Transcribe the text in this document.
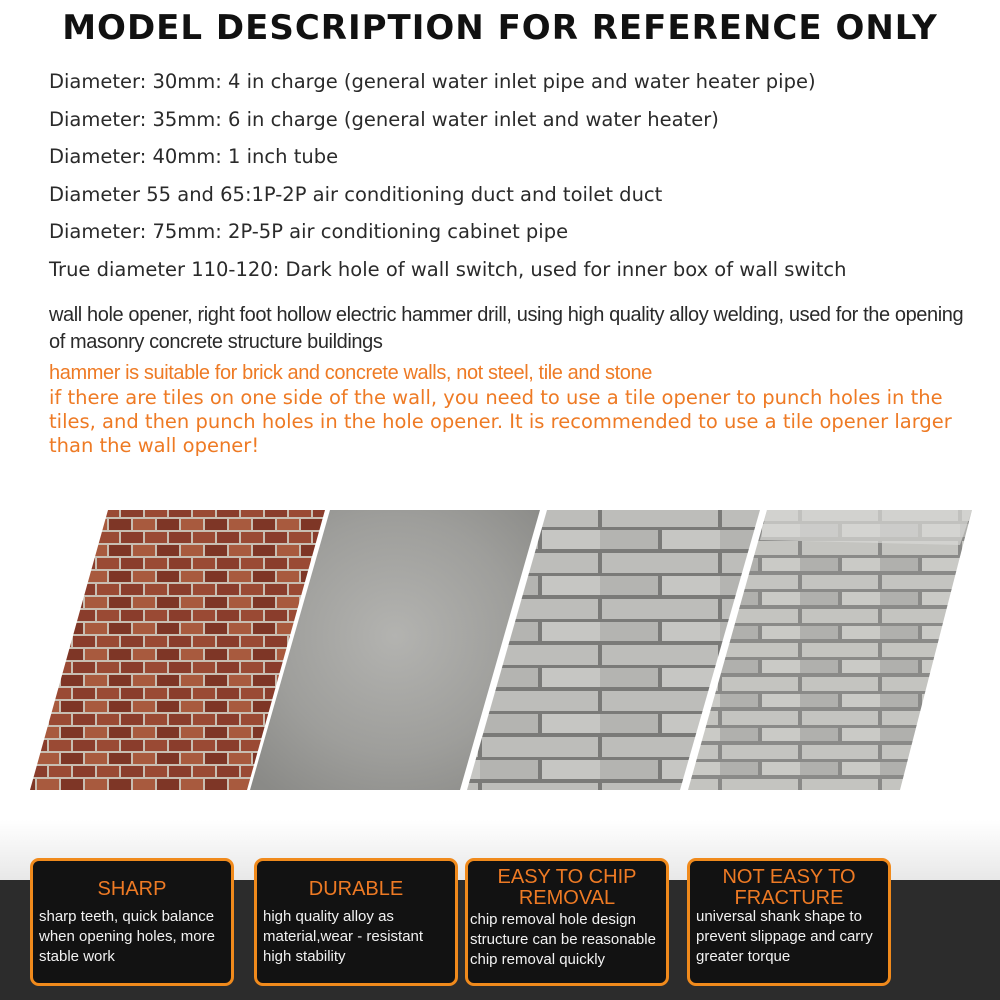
MODEL DESCRIPTION FOR REFERENCE ONLY
Diameter: 30mm: 4 in charge (general water inlet pipe and water heater pipe)
Diameter: 35mm: 6 in charge (general water inlet and water heater)
Diameter: 40mm: 1 inch tube
Diameter 55 and 65:1P-2P air conditioning duct and toilet duct
Diameter: 75mm: 2P-5P air conditioning cabinet pipe
True diameter 110-120: Dark hole of wall switch, used for inner box of wall switch
wall hole opener, right foot hollow electric hammer drill, using high quality alloy welding, used for the opening of masonry concrete structure buildings
hammer is suitable for brick and concrete walls, not steel, tile and stone
if there are tiles on one side of the wall, you need to use a tile opener to punch holes in the tiles, and then punch holes in the hole opener. It is recommended to use a tile opener larger than the wall opener!
SHARP
sharp teeth, quick balance when opening holes, more stable work
DURABLE
high quality alloy as material,wear - resistant high stability
EASY TO CHIP REMOVAL
chip removal hole design structure can be reasonable chip removal quickly
NOT EASY TO FRACTURE
universal shank shape to prevent slippage and carry greater torque
